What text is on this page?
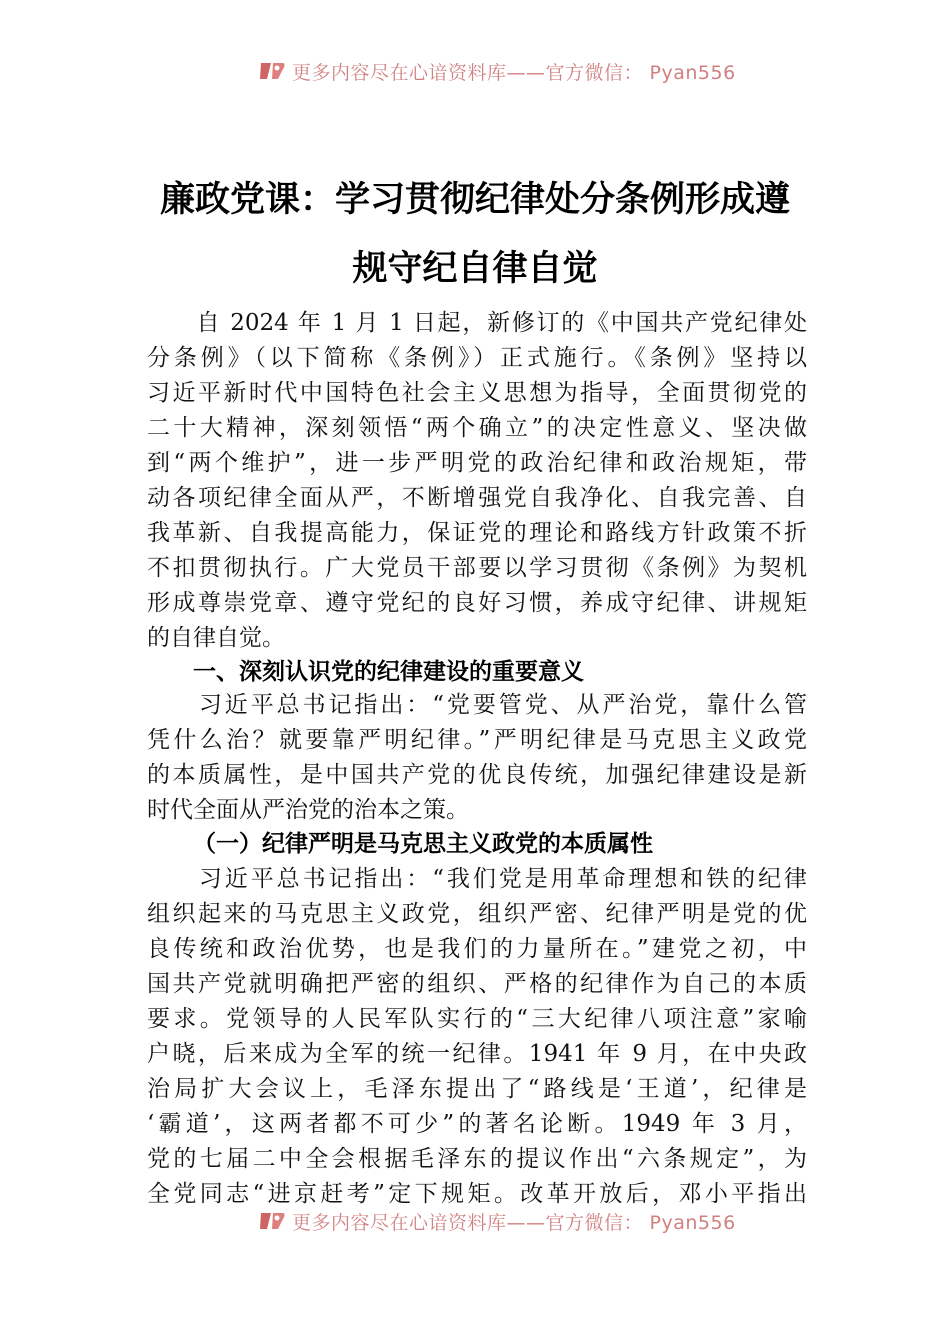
更多内容尽在心谙资料库——官方微信： Pyan556
廉政党课：学习贯彻纪律处分条例形成遵
规守纪自律自觉
　　自 2024 年 1 月 1 日起，新修订的《中国共产党纪律处
分条例》（以下简称《条例》）正式施行。《条例》坚持以
习近平新时代中国特色社会主义思想为指导，全面贯彻党的
二十大精神，深刻领悟“两个确立”的决定性意义、坚决做
到“两个维护”，进一步严明党的政治纪律和政治规矩，带
动各项纪律全面从严，不断增强党自我净化、自我完善、自
我革新、自我提高能力，保证党的理论和路线方针政策不折
不扣贯彻执行。广大党员干部要以学习贯彻《条例》为契机
形成尊崇党章、遵守党纪的良好习惯，养成守纪律、讲规矩
的自律自觉。
一、深刻认识党的纪律建设的重要意义
　　习近平总书记指出：“党要管党、从严治党，靠什么管
凭什么治？就要靠严明纪律。”严明纪律是马克思主义政党
的本质属性，是中国共产党的优良传统，加强纪律建设是新
时代全面从严治党的治本之策。
（一）纪律严明是马克思主义政党的本质属性
　　习近平总书记指出：“我们党是用革命理想和铁的纪律
组织起来的马克思主义政党，组织严密、纪律严明是党的优
良传统和政治优势，也是我们的力量所在。”建党之初，中
国共产党就明确把严密的组织、严格的纪律作为自己的本质
要求。党领导的人民军队实行的“三大纪律八项注意”家喻
户晓，后来成为全军的统一纪律。1941 年 9 月，在中央政
治局扩大会议上，毛泽东提出了“路线是‘王道’，纪律是
‘霸道’，这两者都不可少”的著名论断。1949 年 3 月，
党的七届二中全会根据毛泽东的提议作出“六条规定”，为
全党同志“进京赶考”定下规矩。改革开放后，邓小平指出
更多内容尽在心谙资料库——官方微信： Pyan556
